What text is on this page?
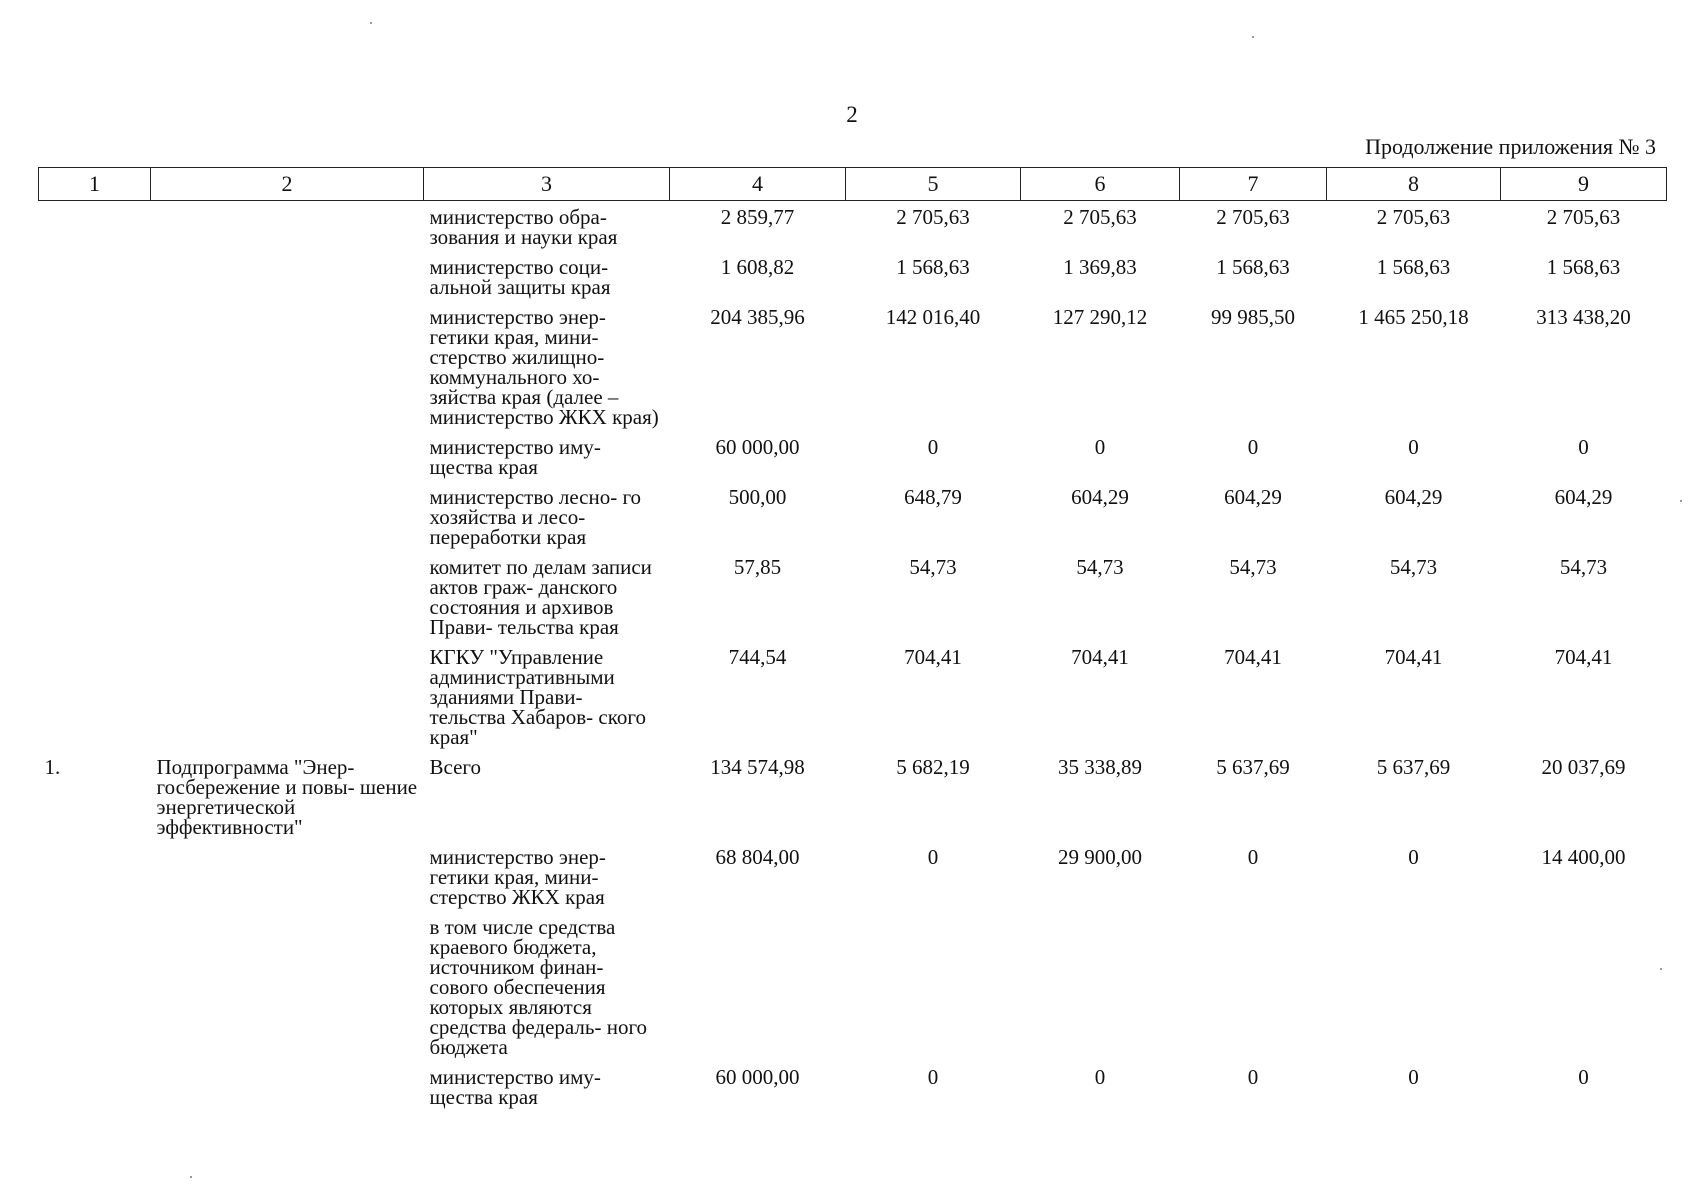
2
Продолжение приложения № 3
1	2	3	4	5	6	7	8	9
		министерство обра- зования и науки края	2 859,77	2 705,63	2 705,63	2 705,63	2 705,63	2 705,63
		министерство соци- альной защиты края	1 608,82	1 568,63	1 369,83	1 568,63	1 568,63	1 568,63
		министерство энер- гетики края, мини- стерство жилищно- коммунального хо- зяйства края (далее – министерство ЖКХ края)	204 385,96	142 016,40	127 290,12	99 985,50	1 465 250,18	313 438,20
		министерство иму- щества края	60 000,00	0	0	0	0	0
		министерство лесно- го хозяйства и лесо- переработки края	500,00	648,79	604,29	604,29	604,29	604,29
		комитет по делам записи актов граж- данского состояния и архивов Прави- тельства края	57,85	54,73	54,73	54,73	54,73	54,73
		КГКУ "Управление административными зданиями Прави- тельства Хабаров- ского края"	744,54	704,41	704,41	704,41	704,41	704,41
1.	Подпрограмма "Энер- госбережение и повы- шение энергетической эффективности"	Всего	134 574,98	5 682,19	35 338,89	5 637,69	5 637,69	20 037,69
		министерство энер- гетики края, мини- стерство ЖКХ края	68 804,00	0	29 900,00	0	0	14 400,00
		в том числе средства краевого бюджета, источником финан- сового обеспечения которых являются средства федераль- ного бюджета						
		министерство иму- щества края	60 000,00	0	0	0	0	0
